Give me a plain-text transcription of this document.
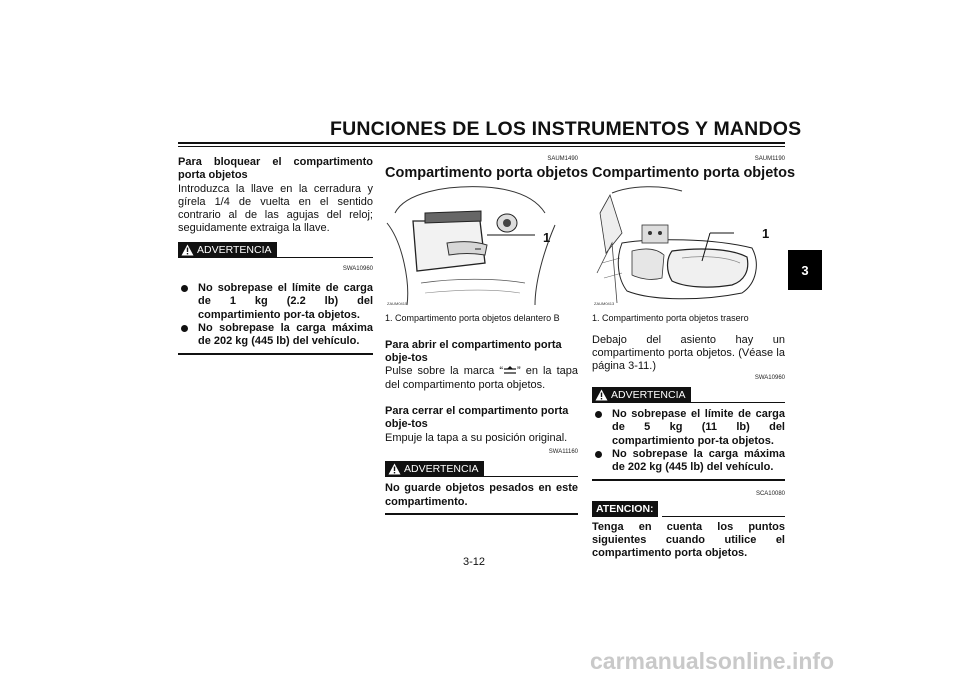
FUNCIONES DE LOS INSTRUMENTOS Y MANDOS
3

Para bloquear el compartimento porta objetos

Introduzca la llave en la cerradura y gírela 1/4 de vuelta en el sentido contrario al de las agujas del reloj; seguidamente extraiga la llave.

ADVERTENCIA
SWA10960
No sobrepase el límite de carga de 1 kg (2.2 lb) del compartimiento por-ta objetos.
No sobrepase la carga máxima de 202 kg (445 lb) del vehículo.
SAUM1490
Compartimento porta objetos
ZAUM0415
1
1. Compartimento porta objetos delantero B

Para abrir el compartimento porta obje-tos

Pulse sobre la marca “ ” en la tapa del compartimento porta objetos.

Para cerrar el compartimento porta obje-tos

Empuje la tapa a su posición original.

SWA11160
ADVERTENCIA

No guarde objetos pesados en este compartimento.

SAUM1190
Compartimento porta objetos
ZAUM0413
1
1. Compartimento porta objetos trasero

Debajo del asiento hay un compartimento porta objetos. (Véase la página 3-11.)

SWA10960
ADVERTENCIA
No sobrepase el límite de carga de 5 kg (11 lb) del compartimiento por-ta objetos.
No sobrepase la carga máxima de 202 kg (445 lb) del vehículo.
SCA10080
ATENCION:

Tenga en cuenta los puntos siguientes cuando utilice el compartimento porta objetos.

3-12
carmanualsonline.info
